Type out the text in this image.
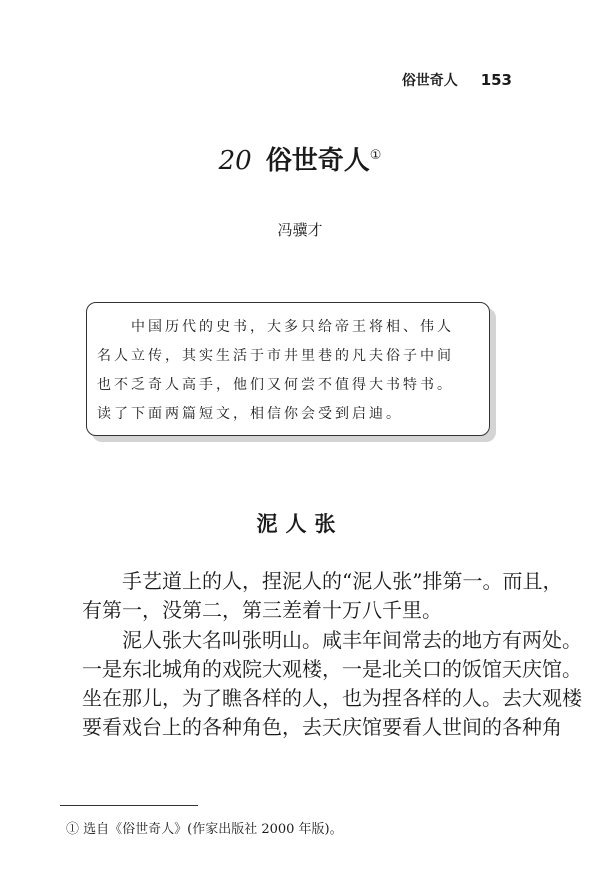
俗世奇人 153
20 俗世奇人①
冯骥才
　　中国历代的史书，大多只给帝王将相、伟人
名人立传，其实生活于市井里巷的凡夫俗子中间
也不乏奇人高手，他们又何尝不值得大书特书。
读了下面两篇短文，相信你会受到启迪。
泥人张
　　手艺道上的人，捏泥人的“泥人张”排第一。而且，
有第一，没第二，第三差着十万八千里。
　　泥人张大名叫张明山。咸丰年间常去的地方有两处。
一是东北城角的戏院大观楼，一是北关口的饭馆天庆馆。
坐在那儿，为了瞧各样的人，也为捏各样的人。去大观楼
要看戏台上的各种角色，去天庆馆要看人世间的各种角
① 选自《俗世奇人》(作家出版社 2000 年版)。
